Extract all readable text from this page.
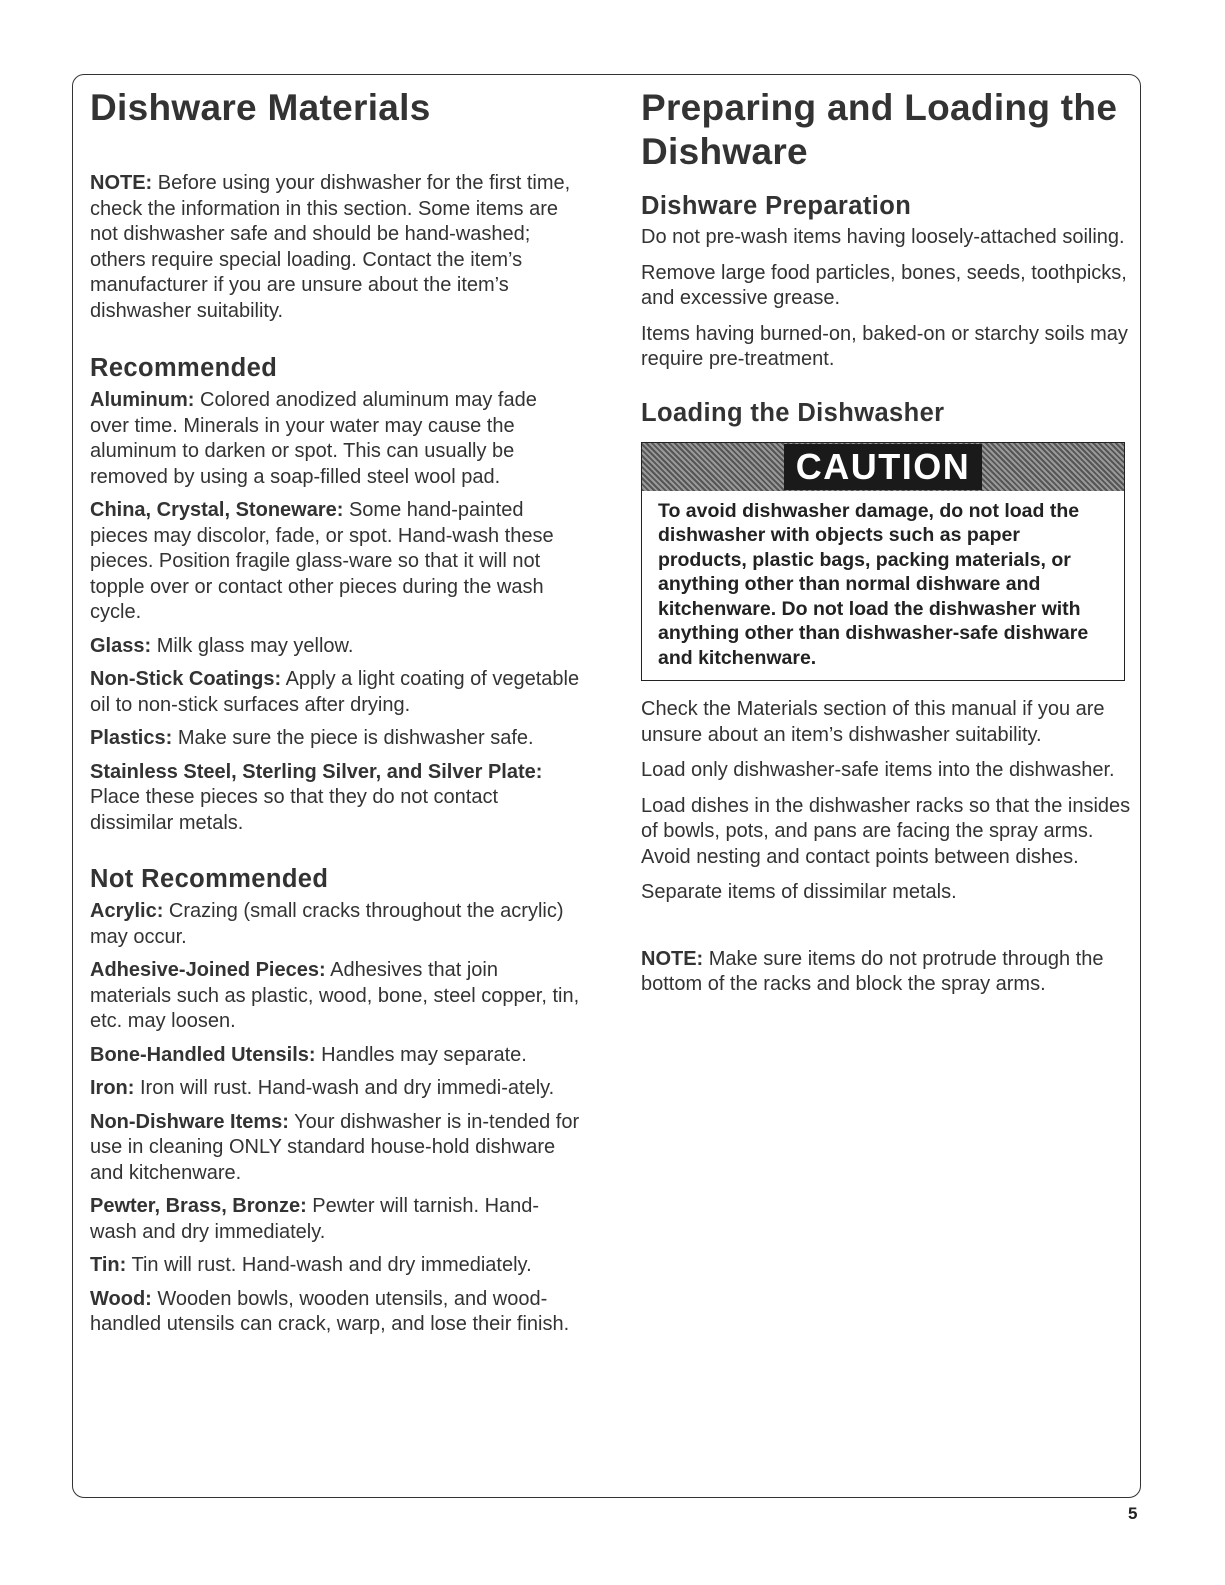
Dishware Materials

NOTE: Before using your dishwasher for the first time, check the information in this section. Some items are not dishwasher safe and should be hand-washed; others require special loading. Contact the item’s manufacturer if you are unsure about the item’s dishwasher suitability.

Recommended

Aluminum: Colored anodized aluminum may fade over time. Minerals in your water may cause the aluminum to darken or spot. This can usually be removed by using a soap-filled steel wool pad.

China, Crystal, Stoneware: Some hand-painted pieces may discolor, fade, or spot. Hand-wash these pieces. Position fragile glass-ware so that it will not topple over or contact other pieces during the wash cycle.

Glass: Milk glass may yellow.

Non-Stick Coatings: Apply a light coating of vegetable oil to non-stick surfaces after drying.

Plastics: Make sure the piece is dishwasher safe.

Stainless Steel, Sterling Silver, and Silver Plate: Place these pieces so that they do not contact dissimilar metals.

Not Recommended

Acrylic: Crazing (small cracks throughout the acrylic) may occur.

Adhesive-Joined Pieces: Adhesives that join materials such as plastic, wood, bone, steel copper, tin, etc. may loosen.

Bone-Handled Utensils: Handles may separate.

Iron: Iron will rust. Hand-wash and dry immedi-ately.

Non-Dishware Items: Your dishwasher is in-tended for use in cleaning ONLY standard house-hold dishware and kitchenware.

Pewter, Brass, Bronze: Pewter will tarnish. Hand-wash and dry immediately.

Tin: Tin will rust. Hand-wash and dry immediately.

Wood: Wooden bowls, wooden utensils, and wood-handled utensils can crack, warp, and lose their finish.

Preparing and Loading the Dishware
Dishware Preparation

Do not pre-wash items having loosely-attached soiling.

Remove large food particles, bones, seeds, toothpicks, and excessive grease.

Items having burned-on, baked-on or starchy soils may require pre-treatment.

Loading the Dishwasher
CAUTION
To avoid dishwasher damage, do not load the dishwasher with objects such as paper products, plastic bags, packing materials, or anything other than normal dishware and kitchenware. Do not load the dishwasher with anything other than dishwasher-safe dishware and kitchenware.

Check the Materials section of this manual if you are unsure about an item’s dishwasher suitability.

Load only dishwasher-safe items into the dishwasher.

Load dishes in the dishwasher racks so that the insides of bowls, pots, and pans are facing the spray arms. Avoid nesting and contact points between dishes.

Separate items of dissimilar metals.

NOTE: Make sure items do not protrude through the bottom of the racks and block the spray arms.

5
